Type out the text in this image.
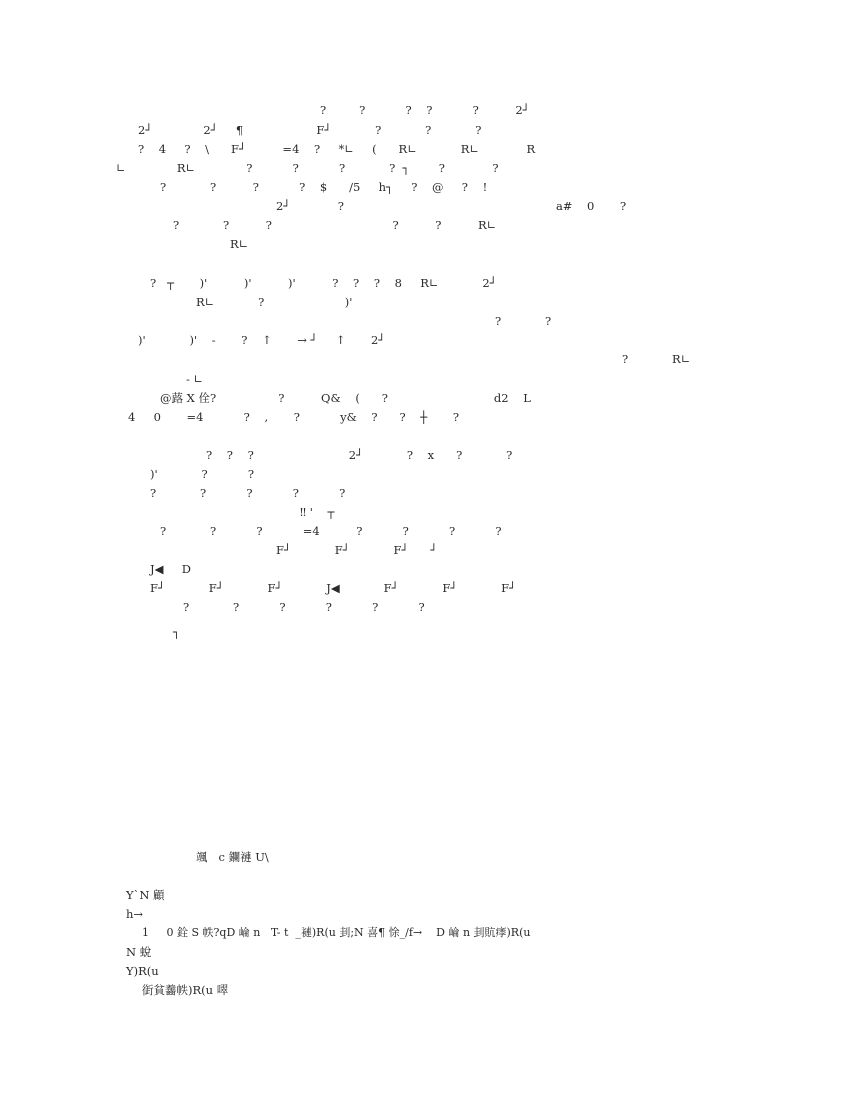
?         ?           ?    ?           ?          2┘
2┘              2┘     ¶                    F┘            ?            ?            ?
?    4     ?    \      F┘          =4    ?     *∟     (      R∟            R∟             R
∟              R∟              ?           ?           ?            ?  ┐        ?             ?
?            ?          ?           ?    $      /5     h┐     ?    @     ?    !
2┘             ?                                                          a#    0       ?
?            ?          ?                                 ?          ?          R∟
R∟
?   ┬       )'          )'          )'          ?    ?    ?    8     R∟            2┘
R∟            ?                      )'
?            ?
)'            )'    -       ?    ↑       → ┘     ↑       2┘
?            R∟
- ∟
@蕗 X 佺?                 ?          Q&    (      ?                             d2    L
4     0       =4           ?    ,       ?           y&    ?      ?    ┼       ?
?    ?    ?                          2┘            ?    x      ?            ?
)'            ?           ?
?            ?           ?           ?           ?
‼ '    ┬
?            ?           ?           =4          ?           ?           ?           ?
F┘            F┘            F┘      ┘
J◀     D
F┘            F┘            F┘            J◀            F┘            F┘            F┘
?            ?           ?           ?           ?           ?
┐
颯   c 鑭褳 U\
Y`N 顧
h→
1     0 銓 S 帙?qD 崘 n   T- t  _褳)R(u 刲;N 喜¶ 悇_/f→    D 崘 n 刲貥痵)R(u
N 蛻
Y)R(u
衘貧齹帙)R(u 噿
